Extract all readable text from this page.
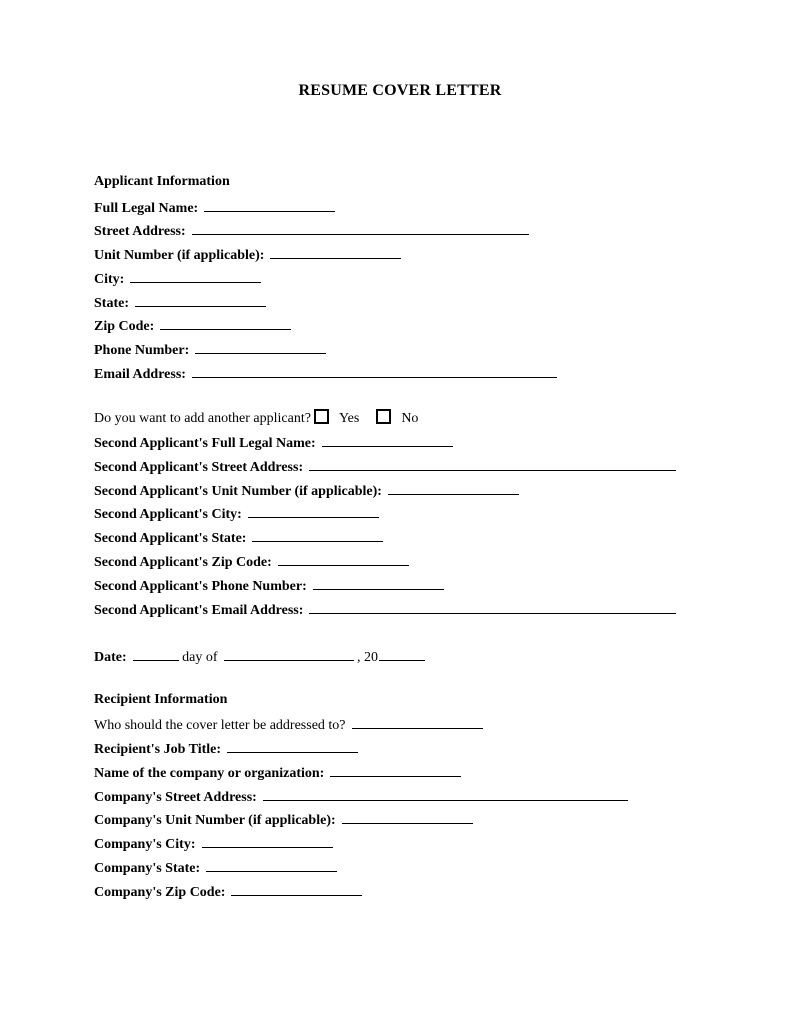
RESUME COVER LETTER
Applicant Information
Full Legal Name:
Street Address:
Unit Number (if applicable):
City:
State:
Zip Code:
Phone Number:
Email Address:
Do you want to add another applicant? Yes	No
Second Applicant's Full Legal Name:
Second Applicant's Street Address:
Second Applicant's Unit Number (if applicable):
Second Applicant's City:
Second Applicant's State:
Second Applicant's Zip Code:
Second Applicant's Phone Number:
Second Applicant's Email Address:
Date:	day of	, 20
Recipient Information
Who should the cover letter be addressed to?
Recipient's Job Title:
Name of the company or organization:
Company's Street Address:
Company's Unit Number (if applicable):
Company's City:
Company's State:
Company's Zip Code:
